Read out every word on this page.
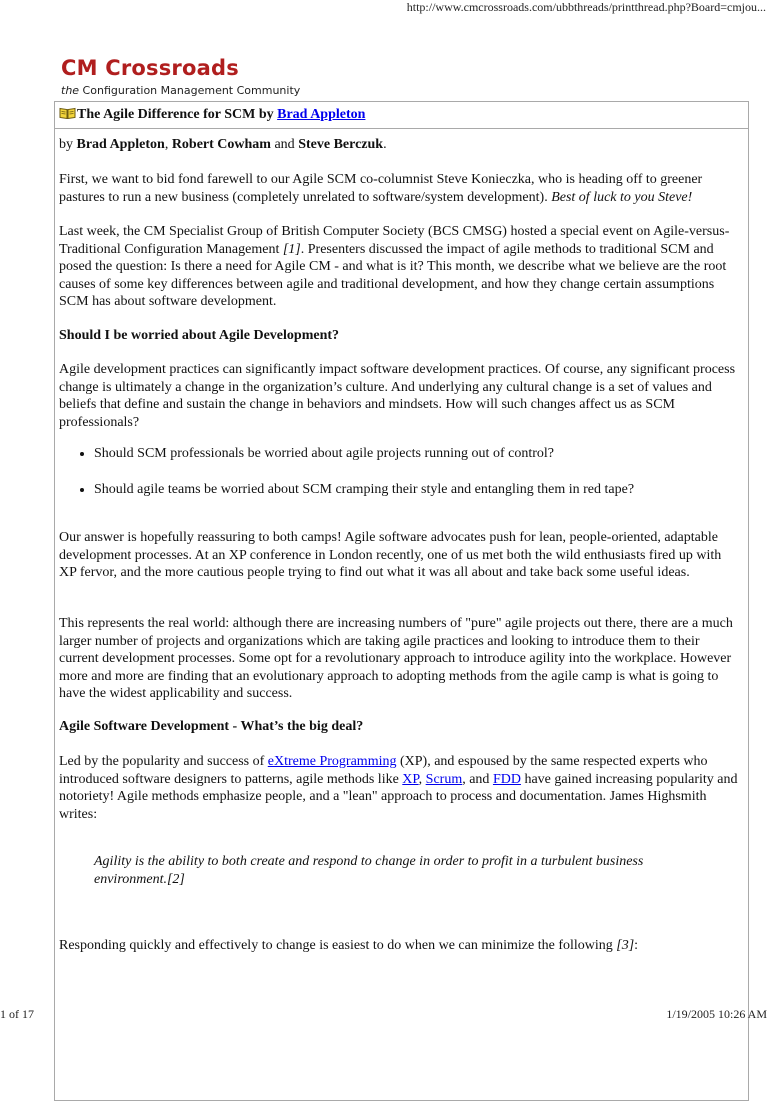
http://www.cmcrossroads.com/ubbthreads/printthread.php?Board=cmjou...
CM Crossroads

the Configuration Management Community

The Agile Difference for SCM by Brad Appleton

by Brad Appleton, Robert Cowham and Steve Berczuk.

First, we want to bid fond farewell to our Agile SCM co-columnist Steve Konieczka, who is heading off to greener pastures to run a new business (completely unrelated to software/system development). Best of luck to you Steve!

Last week, the CM Specialist Group of British Computer Society (BCS CMSG) hosted a special event on Agile-versus-Traditional Configuration Management [1]. Presenters discussed the impact of agile methods to traditional SCM and posed the question: Is there a need for Agile CM - and what is it? This month, we describe what we believe are the root causes of some key differences between agile and traditional development, and how they change certain assumptions SCM has about software development.

Should I be worried about Agile Development?

Agile development practices can significantly impact software development practices. Of course, any significant process change is ultimately a change in the organization’s culture. And underlying any cultural change is a set of values and beliefs that define and sustain the change in behaviors and mindsets. How will such changes affect us as SCM professionals?

• Should SCM professionals be worried about agile projects running out of control?
• Should agile teams be worried about SCM cramping their style and entangling them in red tape?

Our answer is hopefully reassuring to both camps! Agile software advocates push for lean, people-oriented, adaptable development processes. At an XP conference in London recently, one of us met both the wild enthusiasts fired up with XP fervor, and the more cautious people trying to find out what it was all about and take back some useful ideas.

This represents the real world: although there are increasing numbers of "pure" agile projects out there, there are a much larger number of projects and organizations which are taking agile practices and looking to introduce them to their current development processes. Some opt for a revolutionary approach to introduce agility into the workplace. However more and more are finding that an evolutionary approach to adopting methods from the agile camp is what is going to have the widest applicability and success.

Agile Software Development - What’s the big deal?

Led by the popularity and success of eXtreme Programming (XP), and espoused by the same respected experts who introduced software designers to patterns, agile methods like XP, Scrum, and FDD have gained increasing popularity and notoriety! Agile methods emphasize people, and a "lean" approach to process and documentation. James Highsmith writes:

Agility is the ability to both create and respond to change in order to profit in a turbulent business environment.[2]

Responding quickly and effectively to change is easiest to do when we can minimize the following [3]:

1 of 17	1/19/2005 10:26 AM
